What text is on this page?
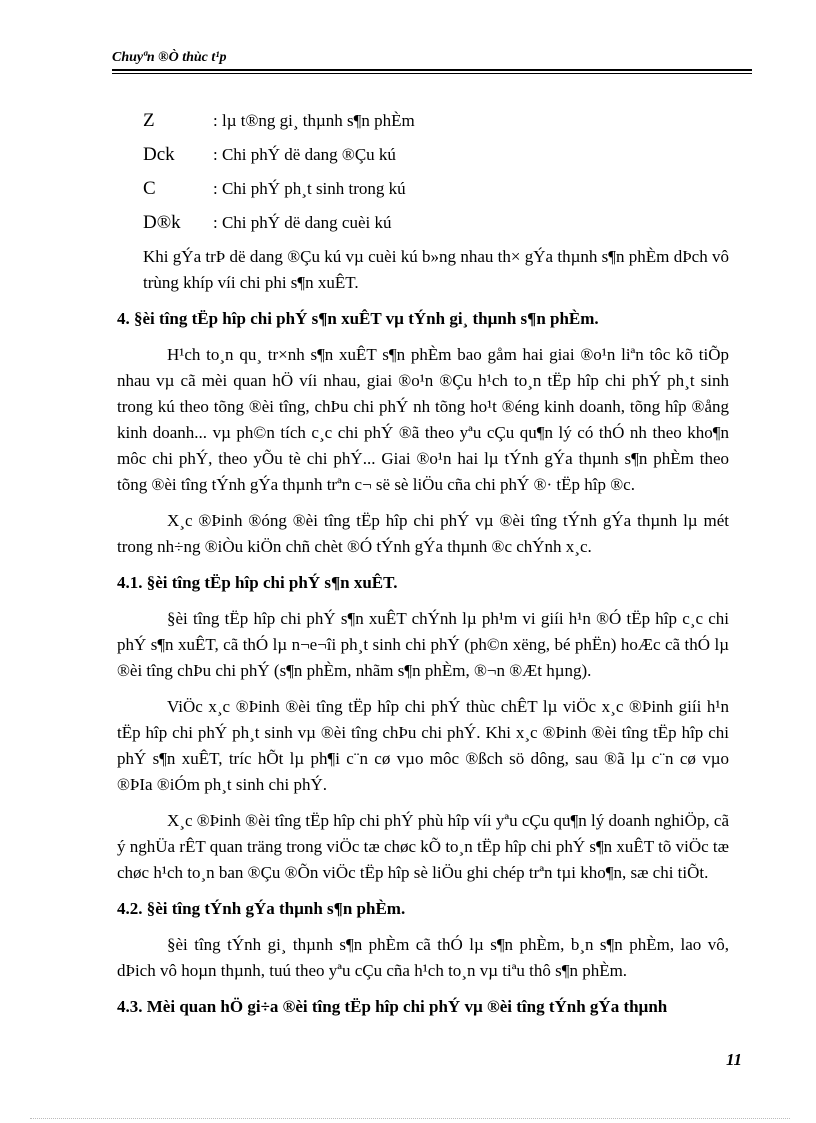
Chuyªn ®Ò thùc t¹p
Z	: lµ t®ng gi¸ thµnh s¶n phÈm
Dck	: Chi phÝ dë dang ®Çu kú
C	: Chi phÝ ph¸t sinh trong kú
D®k	: Chi phÝ dë dang cuèi kú

Khi gÝa trÞ dë dang ®Çu kú vµ cuèi kú b»ng nhau th× gÝa thµnh s¶n phÈm dÞch vô trùng khíp víi chi phi s¶n xuÊT.

4. §èi tîng tËp hîp chi phÝ s¶n xuÊT vµ tÝnh gi¸ thµnh s¶n phÈm.

H¹ch to¸n qu¸ tr×nh s¶n xuÊT s¶n phÈm bao gåm hai giai ®o¹n liªn tôc kõ tiÕp nhau vµ cã mèi quan hÖ víi nhau, giai ®o¹n ®Çu h¹ch to¸n tËp hîp chi phÝ ph¸t sinh trong kú theo tõng ®èi tîng, chÞu chi phÝ nh tõng ho¹t ®éng kinh doanh, tõng hîp ®ång kinh doanh... vµ ph©n tích c¸c chi phÝ ®ã theo yªu cÇu qu¶n lý có thÓ nh theo kho¶n môc chi phÝ, theo yÕu tè chi phÝ... Giai ®o¹n hai lµ tÝnh gÝa thµnh s¶n phÈm theo tõng ®èi tîng tÝnh gÝa thµnh trªn c¬ së sè liÖu cña chi phÝ ®· tËp hîp ®c.

X¸c ®Þinh ®óng ®èi tîng tËp hîp chi phÝ vµ ®èi tîng tÝnh gÝa thµnh lµ mét trong nh÷ng ®iÒu kiÖn chñ chèt ®Ó tÝnh gÝa thµnh ®c chÝnh x¸c.

4.1. §èi tîng tËp hîp chi phÝ s¶n xuÊT.

§èi tîng tËp hîp chi phÝ s¶n xuÊT chÝnh lµ ph¹m vi giíi h¹n ®Ó tËp hîp c¸c chi phÝ s¶n xuÊT, cã thÓ lµ n¬e¬îi ph¸t sinh chi phÝ (ph©n xëng, bé phËn) hoÆc cã thÓ lµ ®èi tîng chÞu chi phÝ (s¶n phÈm, nhãm s¶n phÈm, ®¬n ®Æt hµng).

ViÖc x¸c ®Þinh ®èi tîng tËp hîp chi phÝ thùc chÊT lµ viÖc x¸c ®Þinh giíi h¹n tËp hîp chi phÝ ph¸t sinh vµ ®èi tîng chÞu chi phÝ. Khi x¸c ®Þinh ®èi tîng tËp hîp chi phÝ s¶n xuÊT, tríc hÕt lµ ph¶i c¨n cø vµo môc ®ßch sö dông, sau ®ã lµ c¨n cø vµo ®ÞIa ®iÓm ph¸t sinh chi phÝ.

X¸c ®Þinh ®èi tîng tËp hîp chi phÝ phù hîp víi yªu cÇu qu¶n lý doanh nghiÖp, cã ý nghÜa rÊT quan träng trong viÖc tæ chøc kÕ to¸n tËp hîp chi phÝ s¶n xuÊT tõ viÖc tæ chøc h¹ch to¸n ban ®Çu ®Õn viÖc tËp hîp sè liÖu ghi chép trªn tµi kho¶n, sæ chi tiÕt.

4.2. §èi tîng tÝnh gÝa thµnh s¶n phÈm.

§èi tîng tÝnh gi¸ thµnh s¶n phÈm cã thÓ lµ s¶n phÈm, b¸n s¶n phÈm, lao vô, dÞich vô hoµn thµnh, tuú theo yªu cÇu cña h¹ch to¸n vµ tiªu thô s¶n phÈm.

4.3. Mèi quan hÖ gi÷a ®èi tîng tËp hîp chi phÝ vµ ®èi tîng tÝnh gÝa thµnh
11
